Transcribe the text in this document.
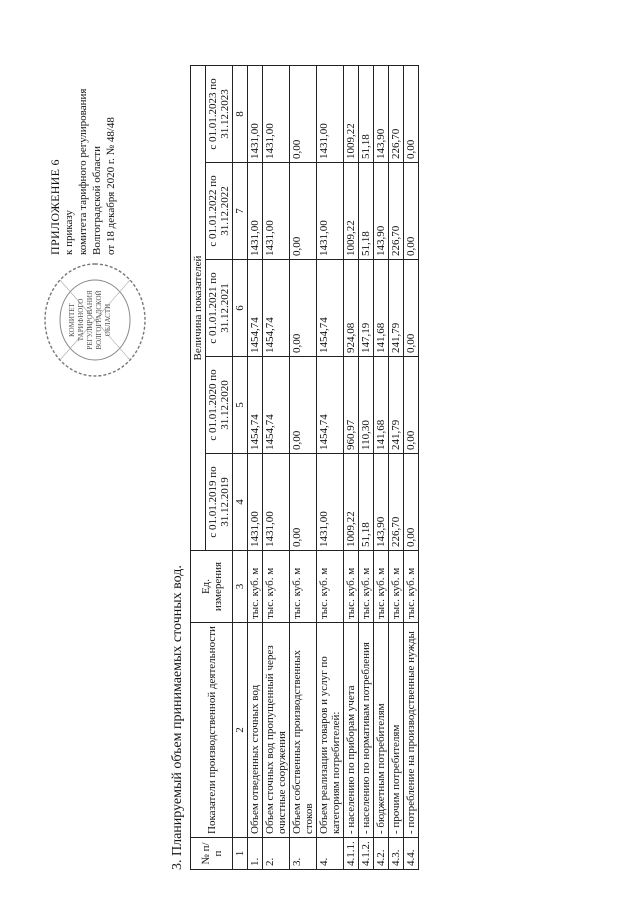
КОМИТЕТ ТАРИФНОГО РЕГУЛИРОВАНИЯ ВОЛГОГРАДСКОЙ ОБЛАСТИ
ПРИЛОЖЕНИЕ 6 к приказу комитета тарифного регулирования Волгоградской области от 18 декабря 2020 г. № 48/48
3. Планируемый объем принимаемых сточных вод. № п/п	Показатели производственной деятельности	Ед. измерения	Величина показателей				
			с 01.01.2019 по 31.12.2019	с 01.01.2020 по 31.12.2020	с 01.01.2021 по 31.12.2021	с 01.01.2022 по 31.12.2022	с 01.01.2023 по 31.12.2023
1	2	3	4	5	6	7	8
1.	Объем отведенных сточных вод	тыс. куб. м	1431,00	1454,74	1454,74	1431,00	1431,00
2.	Объем сточных вод пропущенный через очистные сооружения	тыс. куб. м	1431,00	1454,74	1454,74	1431,00	1431,00
3.	Объем собственных производственных стоков	тыс. куб. м	0,00	0,00	0,00	0,00	0,00
4.	Объем реализации товаров и услуг по категориям потребителей:	тыс. куб. м	1431,00	1454,74	1454,74	1431,00	1431,00
4.1.1.	- населению по приборам учета	тыс. куб. м	1009,22	960,97	924,08	1009,22	1009,22
4.1.2.	- населению по нормативам потребления	тыс. куб. м	51,18	110,30	147,19	51,18	51,18
4.2.	- бюджетным потребителям	тыс. куб. м	143,90	141,68	141,68	143,90	143,90
4.3.	- прочим потребителям	тыс. куб. м	226,70	241,79	241,79	226,70	226,70
4.4.	- потребление на производственные нужды	тыс. куб. м	0,00	0,00	0,00	0,00	0,00
